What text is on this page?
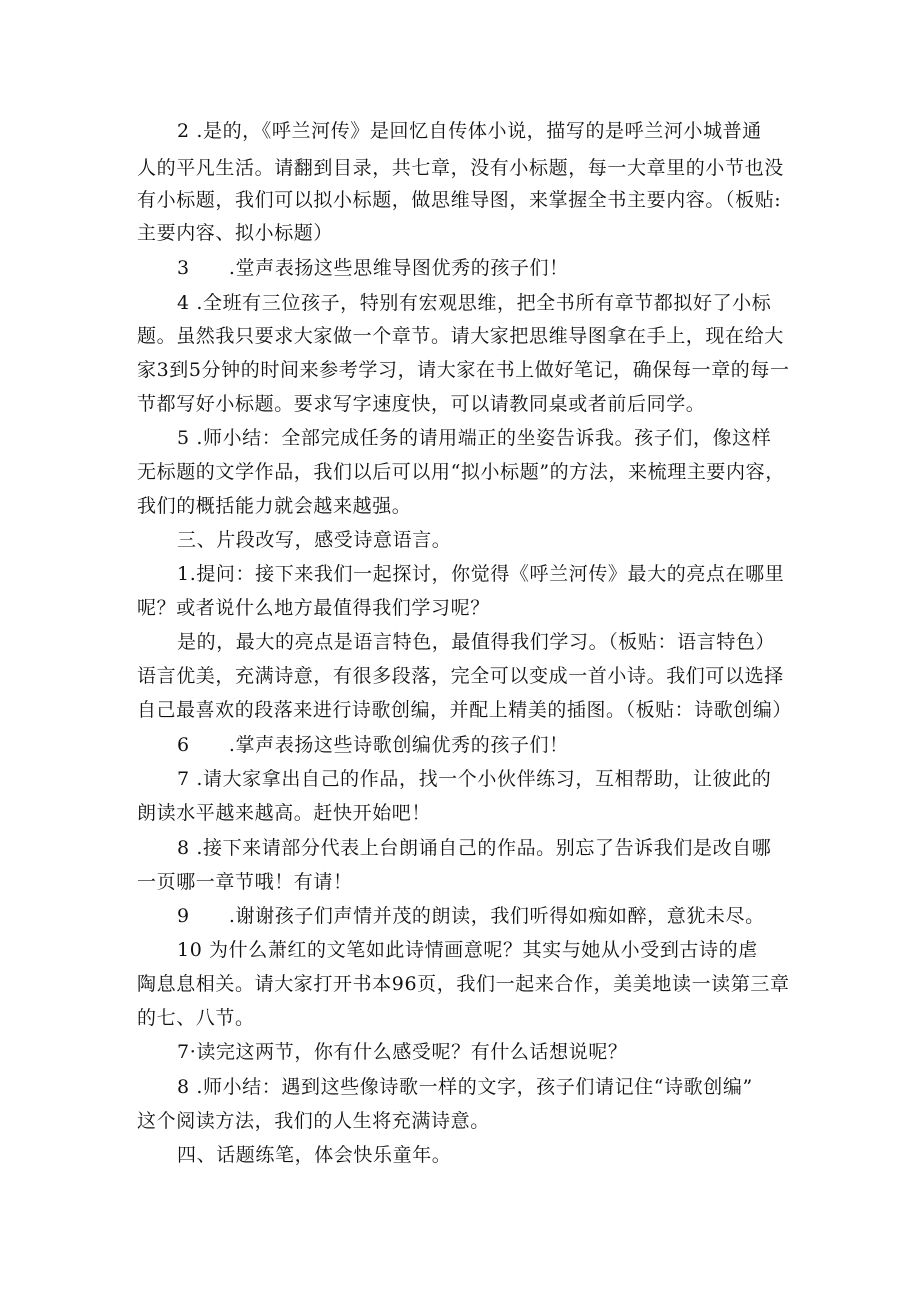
2 .是的，《呼兰河传》是回忆自传体小说，描写的是呼兰河小城普通
人的平凡生活。请翻到目录，共七章，没有小标题，每一大章里的小节也没
有小标题，我们可以拟小标题，做思维导图，来掌握全书主要内容。（板贴:
主要内容、拟小标题）
3　　.堂声表扬这些思维导图优秀的孩子们！
4 .全班有三位孩子，特别有宏观思维，把全书所有章节都拟好了小标
题。虽然我只要求大家做一个章节。请大家把思维导图拿在手上，现在给大
家3到5分钟的时间来参考学习，请大家在书上做好笔记，确保每一章的每一
节都写好小标题。要求写字速度快，可以请教同桌或者前后同学。
5 .师小结：全部完成任务的请用端正的坐姿告诉我。孩子们，像这样
无标题的文学作品，我们以后可以用“拟小标题”的方法，来梳理主要内容，
我们的概括能力就会越来越强。
三、片段改写，感受诗意语言。
1.提问：接下来我们一起探讨，你觉得《呼兰河传》最大的亮点在哪里
呢？或者说什么地方最值得我们学习呢？
是的，最大的亮点是语言特色，最值得我们学习。（板贴：语言特色）
语言优美，充满诗意，有很多段落，完全可以变成一首小诗。我们可以选择
自己最喜欢的段落来进行诗歌创编，并配上精美的插图。（板贴：诗歌创编）
6　　.掌声表扬这些诗歌创编优秀的孩子们！
7 .请大家拿出自己的作品，找一个小伙伴练习，互相帮助，让彼此的
朗读水平越来越高。赶快开始吧！
8 .接下来请部分代表上台朗诵自己的作品。别忘了告诉我们是改自哪
一页哪一章节哦！有请！
9　　.谢谢孩子们声情并茂的朗读，我们听得如痴如醉，意犹未尽。
10 为什么萧红的文笔如此诗情画意呢？其实与她从小受到古诗的虐
陶息息相关。请大家打开书本96页，我们一起来合作，美美地读一读第三章
的七、八节。
7·读完这两节，你有什么感受呢？有什么话想说呢？
8 .师小结：遇到这些像诗歌一样的文字，孩子们请记住“诗歌创编”
这个阅读方法，我们的人生将充满诗意。
四、话题练笔，体会快乐童年。
